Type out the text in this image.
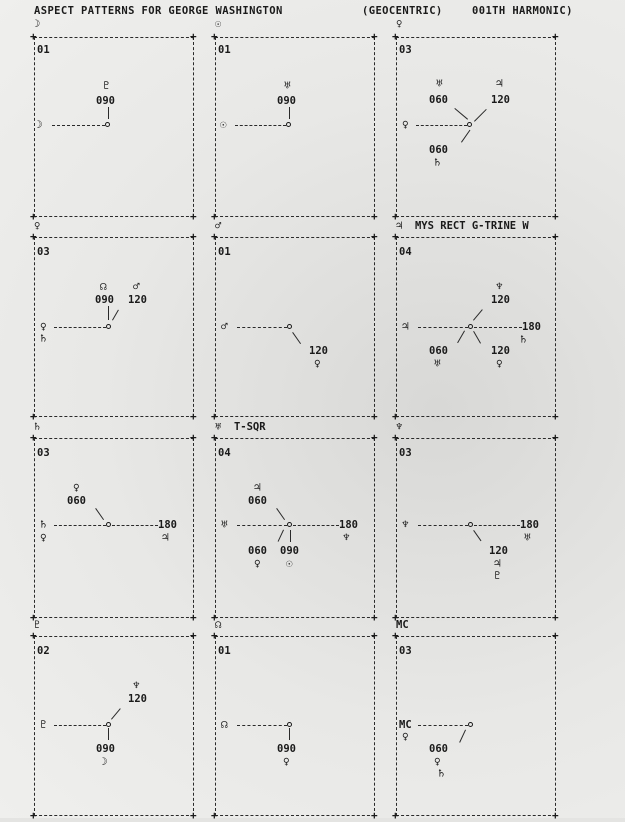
ASPECT PATTERNS FOR GEORGE WASHINGTON	(GEOCENTRIC)	001TH HARMONIC)
☽
01
♇
090
☽
☉
01
♅
090
☉
♀
03
♅	♃
060	120
♀
060
♄
♀
03
☊ ♂
090 120
♀
♄
♂
01
♂
120
♀
♃  MYS RECT G-TRINE W
04
♆
120
♃	180
♄
060	120
♅	♀
♄
03
♀
060
♄	180
♀	♃
♅  T-SQR
04
♃
060
♅	180
060 090
♆
♀ ☉
♆
03
♆	180
♅
120
♃
♇
♇
02
♆
120
♇
090
☽
☊
01
☊
090
♀
MC
03
MC
♀
060
♀
♄
+	+
+	+
+	+
+	+
+	+
+	+
+	+
+	+
+	+
+	+
+	+
+	+
+	+
+	+
+	+
+	+
+	+
+	+
+	+
+	+
+	+
+	+
+	+
+	+
